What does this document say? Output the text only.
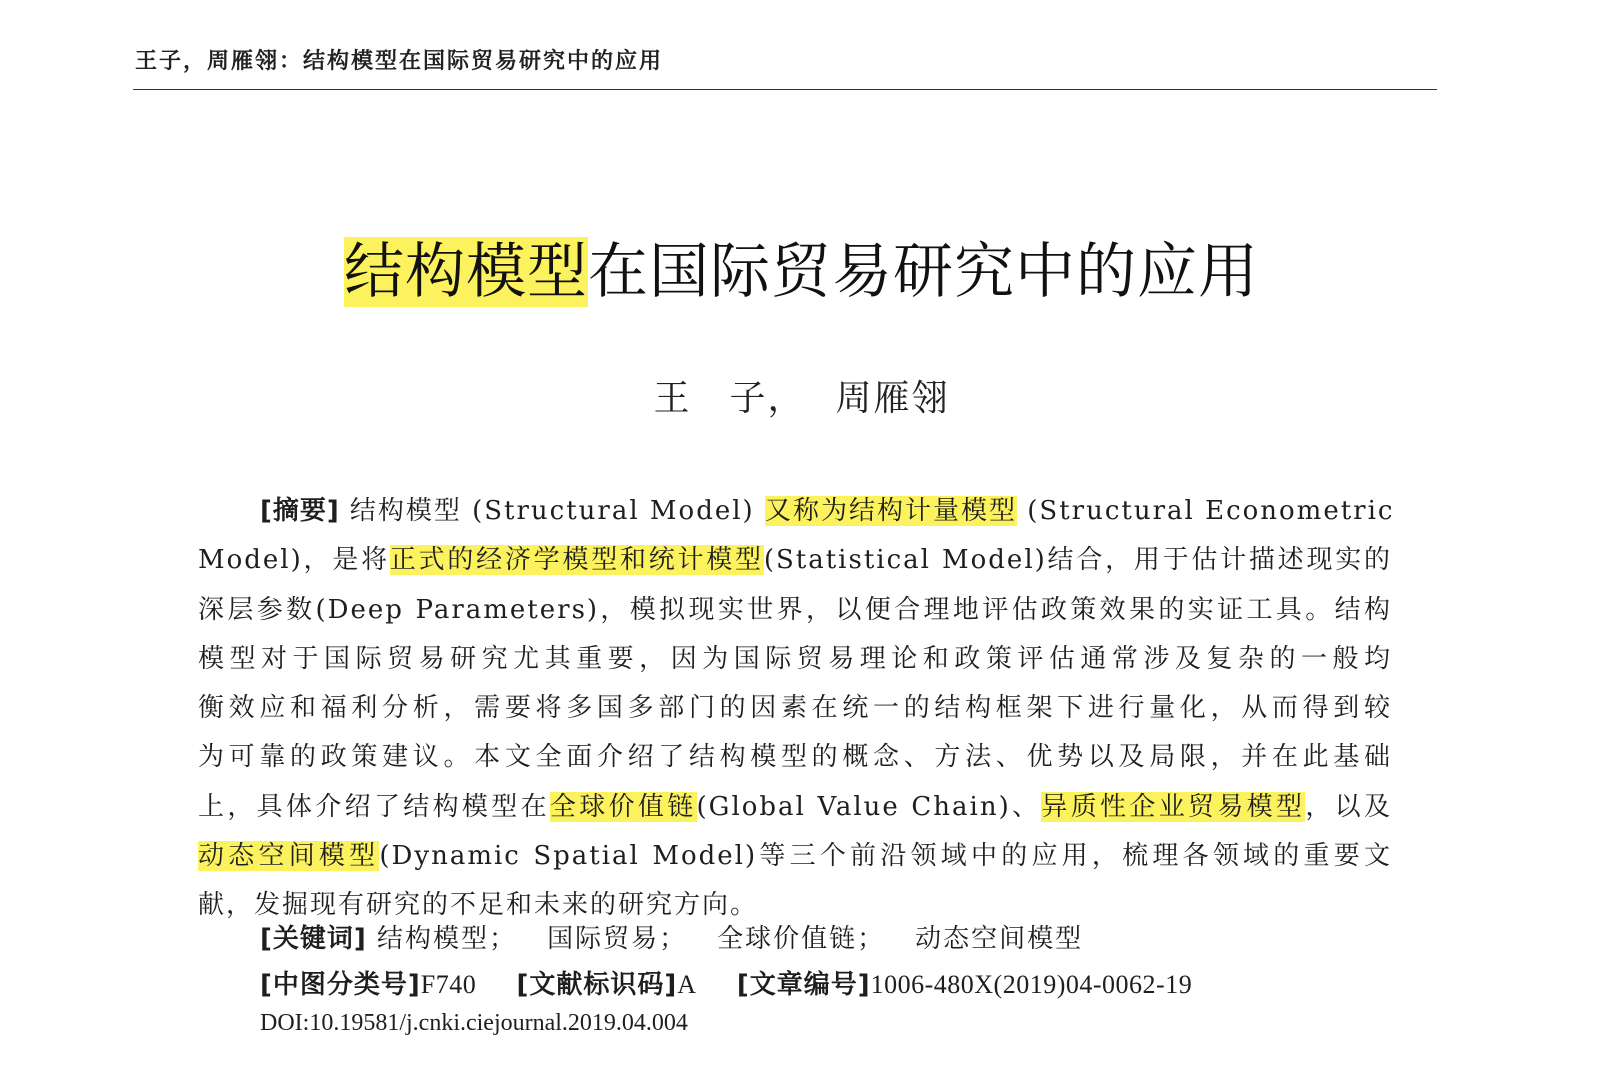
王子，周雁翎：结构模型在国际贸易研究中的应用
结构模型在国际贸易研究中的应用
王　子， 周雁翎
[摘要] 结构模型 (Structural Model) 又称为结构计量模型 (Structural Econometric
Model)，是将正式的经济学模型和统计模型(Statistical Model)结合，用于估计描述现实的
深层参数(Deep Parameters)，模拟现实世界，以便合理地评估政策效果的实证工具。结构
模型对于国际贸易研究尤其重要，因为国际贸易理论和政策评估通常涉及复杂的一般均
衡效应和福利分析，需要将多国多部门的因素在统一的结构框架下进行量化，从而得到较
为可靠的政策建议。本文全面介绍了结构模型的概念、方法、优势以及局限，并在此基础
上，具体介绍了结构模型在全球价值链(Global Value Chain)、异质性企业贸易模型，以及
动态空间模型(Dynamic Spatial Model)等三个前沿领域中的应用，梳理各领域的重要文
献，发掘现有研究的不足和未来的研究方向。
[关键词] 结构模型； 国际贸易； 全球价值链； 动态空间模型
[中图分类号]F740 [文献标识码]A [文章编号]1006-480X(2019)04-0062-19
DOI:10.19581/j.cnki.ciejournal.2019.04.004
